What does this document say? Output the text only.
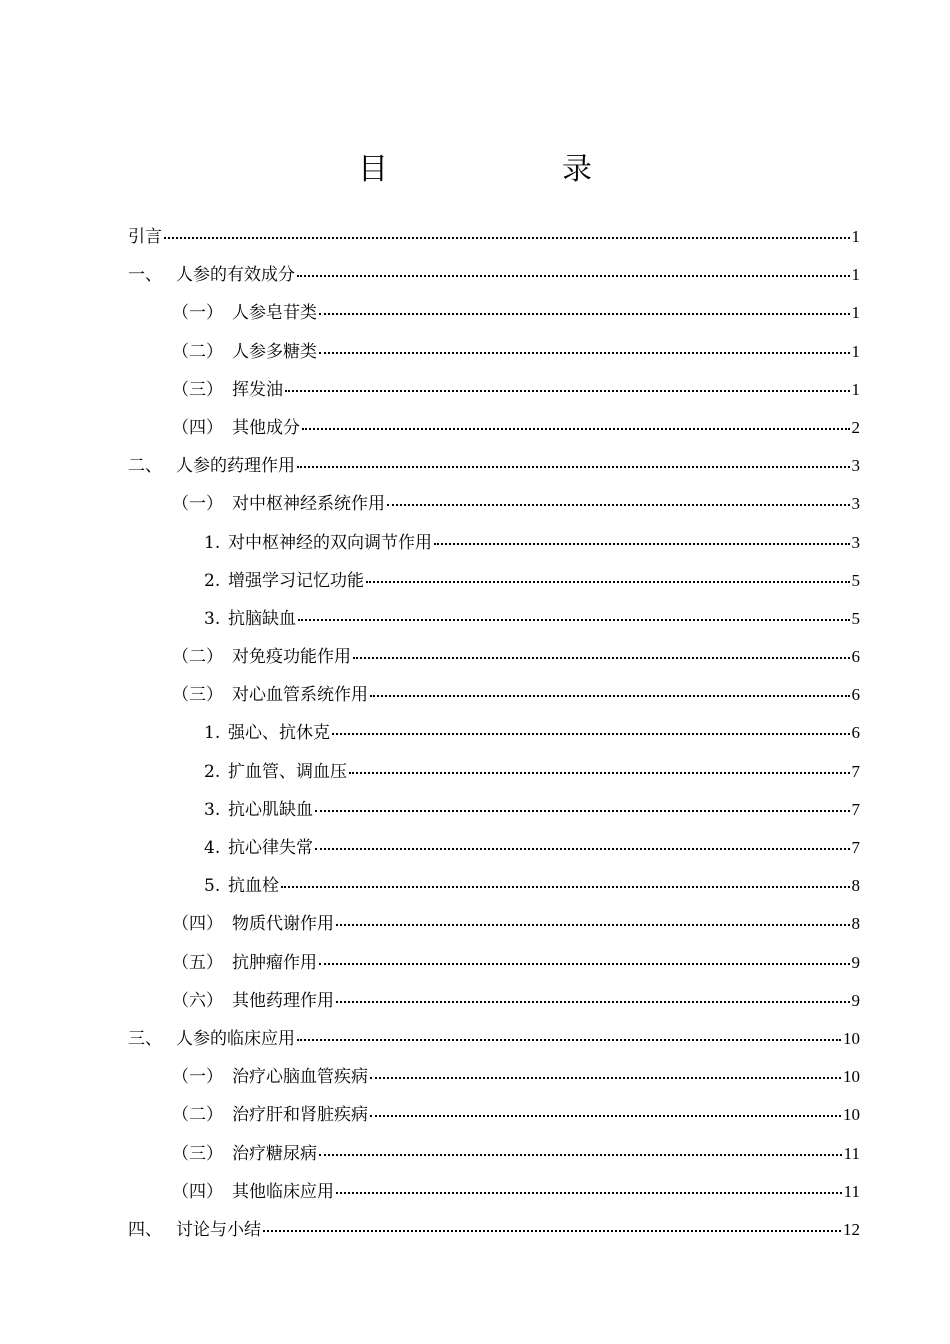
目　　录
引言	1
一、 人参的有效成分	1
（一） 人参皂苷类	1
（二） 人参多糖类	1
（三） 挥发油	1
（四） 其他成分	2
二、 人参的药理作用	3
（一） 对中枢神经系统作用	3
1. 对中枢神经的双向调节作用	3
2. 增强学习记忆功能	5
3. 抗脑缺血	5
（二） 对免疫功能作用	6
（三） 对心血管系统作用	6
1. 强心、抗休克	6
2. 扩血管、调血压	7
3. 抗心肌缺血	7
4. 抗心律失常	7
5. 抗血栓	8
（四） 物质代谢作用	8
（五） 抗肿瘤作用	9
（六） 其他药理作用	9
三、 人参的临床应用	10
（一） 治疗心脑血管疾病	10
（二） 治疗肝和肾脏疾病	10
（三） 治疗糖尿病	11
（四） 其他临床应用	11
四、 讨论与小结	12
